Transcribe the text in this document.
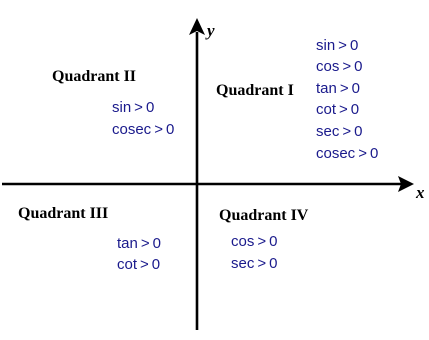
x
y
Quadrant II
sin > 0
cosec > 0
Quadrant I
sin > 0
cos > 0
tan > 0
cot > 0
sec > 0
cosec > 0
Quadrant III
tan > 0
cot > 0
Quadrant IV
cos > 0
sec > 0
